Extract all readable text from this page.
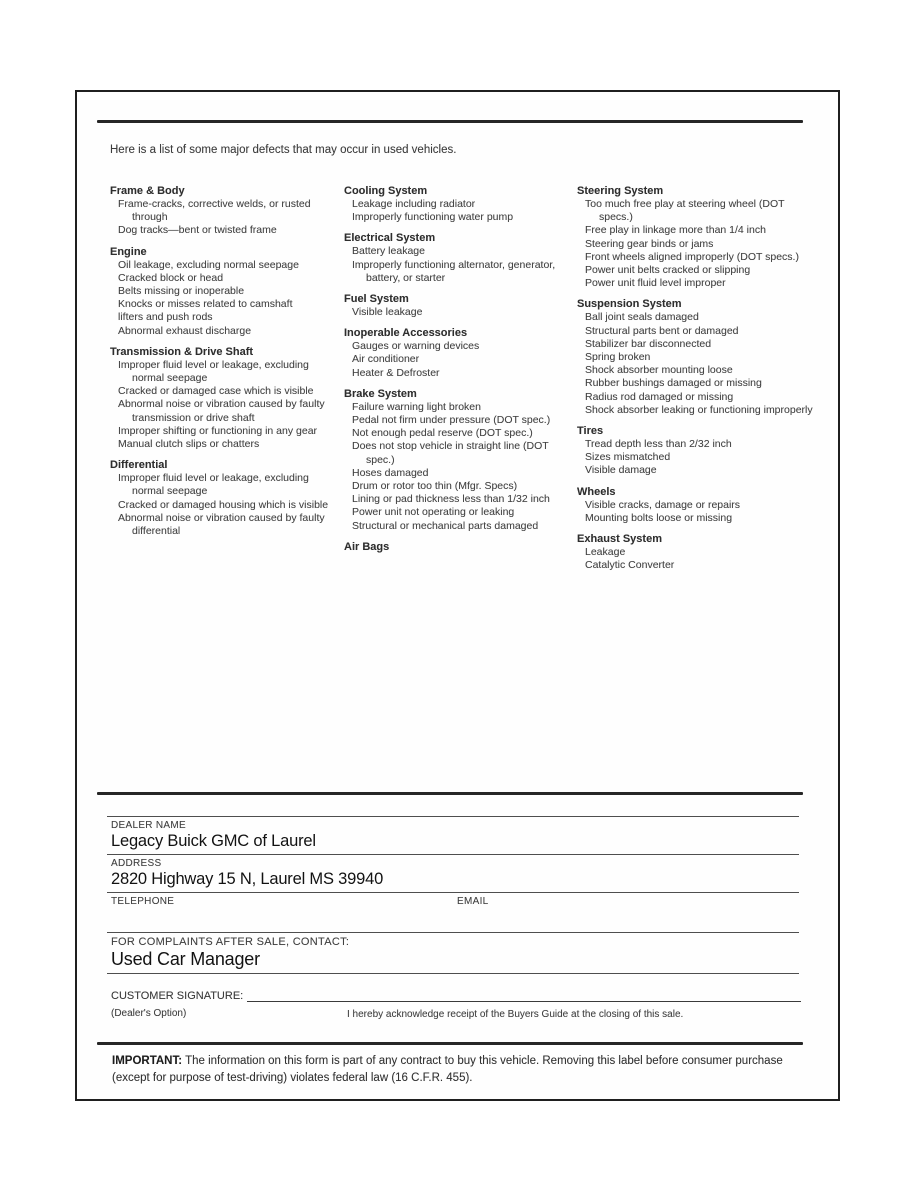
Here is a list of some major defects that may occur in used vehicles.
Frame & Body
Frame-cracks, corrective welds, or rusted through
Dog tracks—bent or twisted frame
Engine
Oil leakage, excluding normal seepage
Cracked block or head
Belts missing or inoperable
Knocks or misses related to camshaft
lifters and push rods
Abnormal exhaust discharge
Transmission & Drive Shaft
Improper fluid level or leakage, excluding normal seepage
Cracked or damaged case which is visible
Abnormal noise or vibration caused by faulty transmission or drive shaft
Improper shifting or functioning in any gear
Manual clutch slips or chatters
Differential
Improper fluid level or leakage, excluding normal seepage
Cracked or damaged housing which is visible
Abnormal noise or vibration caused by faulty differential
Cooling System
Leakage including radiator
Improperly functioning water pump
Electrical System
Battery leakage
Improperly functioning alternator, generator, battery, or starter
Fuel System
Visible leakage
Inoperable Accessories
Gauges or warning devices
Air conditioner
Heater & Defroster
Brake System
Failure warning light broken
Pedal not firm under pressure (DOT spec.)
Not enough pedal reserve (DOT spec.)
Does not stop vehicle in straight line (DOT spec.)
Hoses damaged
Drum or rotor too thin (Mfgr. Specs)
Lining or pad thickness less than 1/32 inch
Power unit not operating or leaking
Structural or mechanical parts damaged
Air Bags
Steering System
Too much free play at steering wheel (DOT specs.)
Free play in linkage more than 1/4 inch
Steering gear binds or jams
Front wheels aligned improperly (DOT specs.)
Power unit belts cracked or slipping
Power unit fluid level improper
Suspension System
Ball joint seals damaged
Structural parts bent or damaged
Stabilizer bar disconnected
Spring broken
Shock absorber mounting loose
Rubber bushings damaged or missing
Radius rod damaged or missing
Shock absorber leaking or functioning improperly
Tires
Tread depth less than 2/32 inch
Sizes mismatched
Visible damage
Wheels
Visible cracks, damage or repairs
Mounting bolts loose or missing
Exhaust System
Leakage
Catalytic Converter
DEALER NAME
Legacy Buick GMC of Laurel
ADDRESS
2820 Highway 15 N, Laurel MS 39940
TELEPHONE	EMAIL
FOR COMPLAINTS AFTER SALE, CONTACT:
Used Car Manager
CUSTOMER SIGNATURE:
(Dealer's Option)	I hereby acknowledge receipt of the Buyers Guide at the closing of this sale.
IMPORTANT: The information on this form is part of any contract to buy this vehicle. Removing this label before consumer purchase (except for purpose of test-driving) violates federal law (16 C.F.R. 455).
